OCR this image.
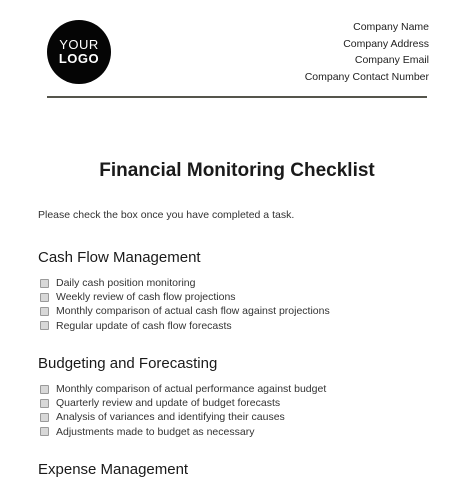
YOUR
LOGO
Company Name
Company Address
Company Email
Company Contact Number
Financial Monitoring Checklist
Please check the box once you have completed a task.
Cash Flow Management
Daily cash position monitoring
Weekly review of cash flow projections
Monthly comparison of actual cash flow against projections
Regular update of cash flow forecasts
Budgeting and Forecasting
Monthly comparison of actual performance against budget
Quarterly review and update of budget forecasts
Analysis of variances and identifying their causes
Adjustments made to budget as necessary
Expense Management
